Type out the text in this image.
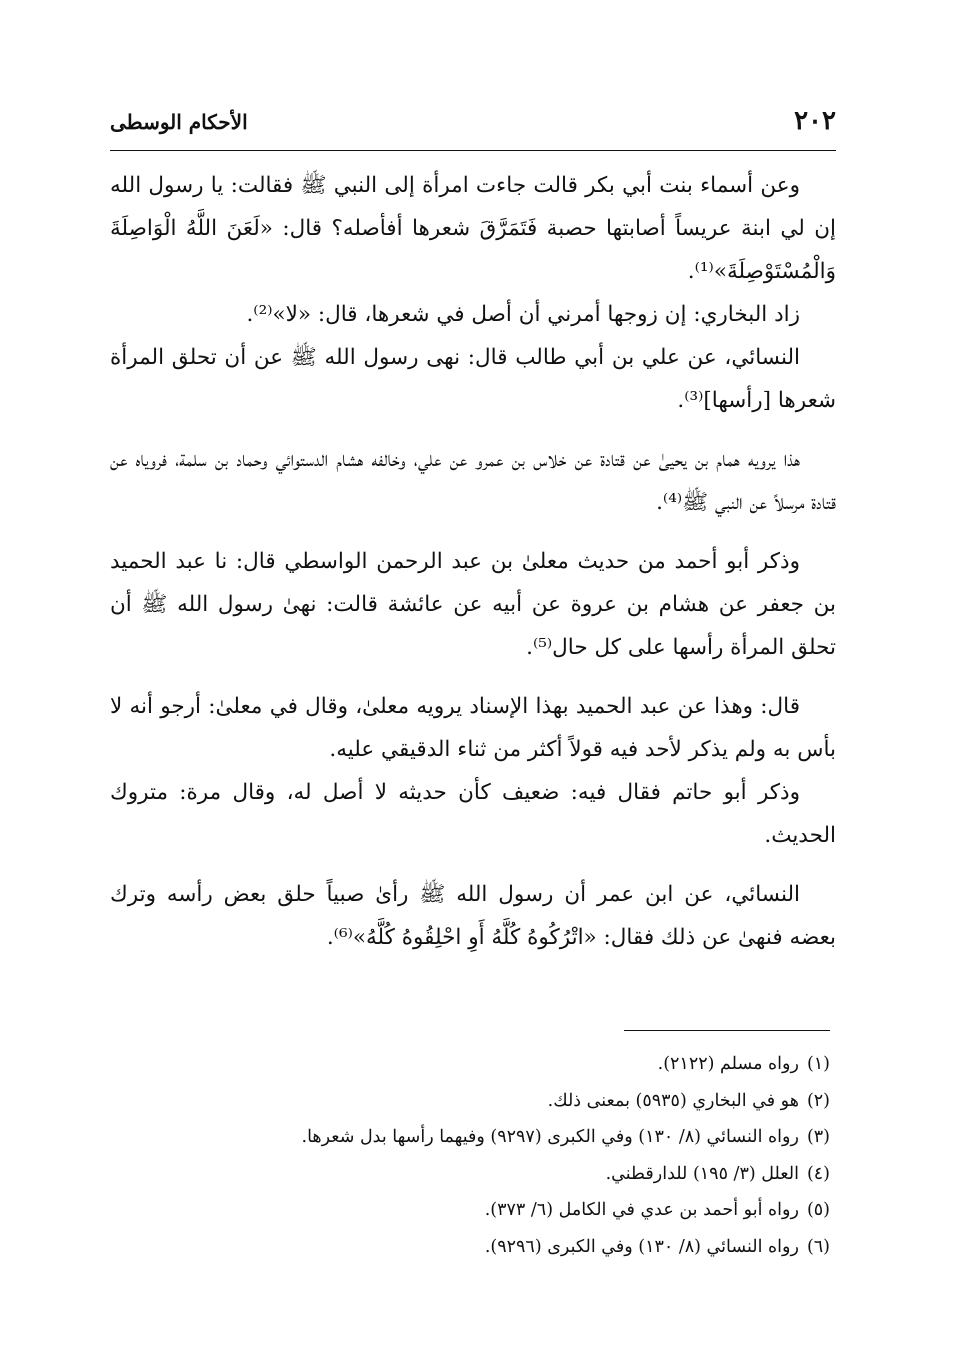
٢٠٢
الأحكام الوسطى

وعن أسماء بنت أبي بكر قالت جاءت امرأة إلى النبي ﷺ فقالت: يا رسول الله إن لي ابنة عريساً أصابتها حصبة فَتَمَرَّقَ شعرها أفأصله؟ قال: «لَعَنَ اللَّهُ الْوَاصِلَةَ وَالْمُسْتَوْصِلَةَ»⁽¹⁾.

زاد البخاري: إن زوجها أمرني أن أصل في شعرها، قال: «لا»⁽²⁾.

النسائي، عن علي بن أبي طالب قال: نهى رسول الله ﷺ عن أن تحلق المرأة شعرها [رأسها]⁽³⁾.

هذا يرويه همام بن يحيىٰ عن قتادة عن خلاس بن عمرو عن علي، وخالفه هشام الدستوائي وحماد بن سلمة، فروياه عن قتادة مرسلاً عن النبي ﷺ⁽⁴⁾.

وذكر أبو أحمد من حديث معلىٰ بن عبد الرحمن الواسطي قال: نا عبد الحميد بن جعفر عن هشام بن عروة عن أبيه عن عائشة قالت: نهىٰ رسول الله ﷺ أن تحلق المرأة رأسها على كل حال⁽⁵⁾.

قال: وهذا عن عبد الحميد بهذا الإسناد يرويه معلىٰ، وقال في معلىٰ: أرجو أنه لا بأس به ولم يذكر لأحد فيه قولاً أكثر من ثناء الدقيقي عليه.

وذكر أبو حاتم فقال فيه: ضعيف كأن حديثه لا أصل له، وقال مرة: متروك الحديث.

النسائي، عن ابن عمر أن رسول الله ﷺ رأىٰ صبياً حلق بعض رأسه وترك بعضه فنهىٰ عن ذلك فقال: «اتْرُكُوهُ كُلَّهُ أَوِ احْلِقُوهُ كُلَّهُ»⁽⁶⁾.

(١)رواه مسلم (٢١٢٢).

(٢)هو في البخاري (٥٩٣٥) بمعنى ذلك.

(٣)رواه النسائي (٨/ ١٣٠) وفي الكبرى (٩٢٩٧) وفيهما رأسها بدل شعرها.

(٤)العلل (٣/ ١٩٥) للدارقطني.

(٥)رواه أبو أحمد بن عدي في الكامل (٦/ ٣٧٣).

(٦)رواه النسائي (٨/ ١٣٠) وفي الكبرى (٩٢٩٦).
